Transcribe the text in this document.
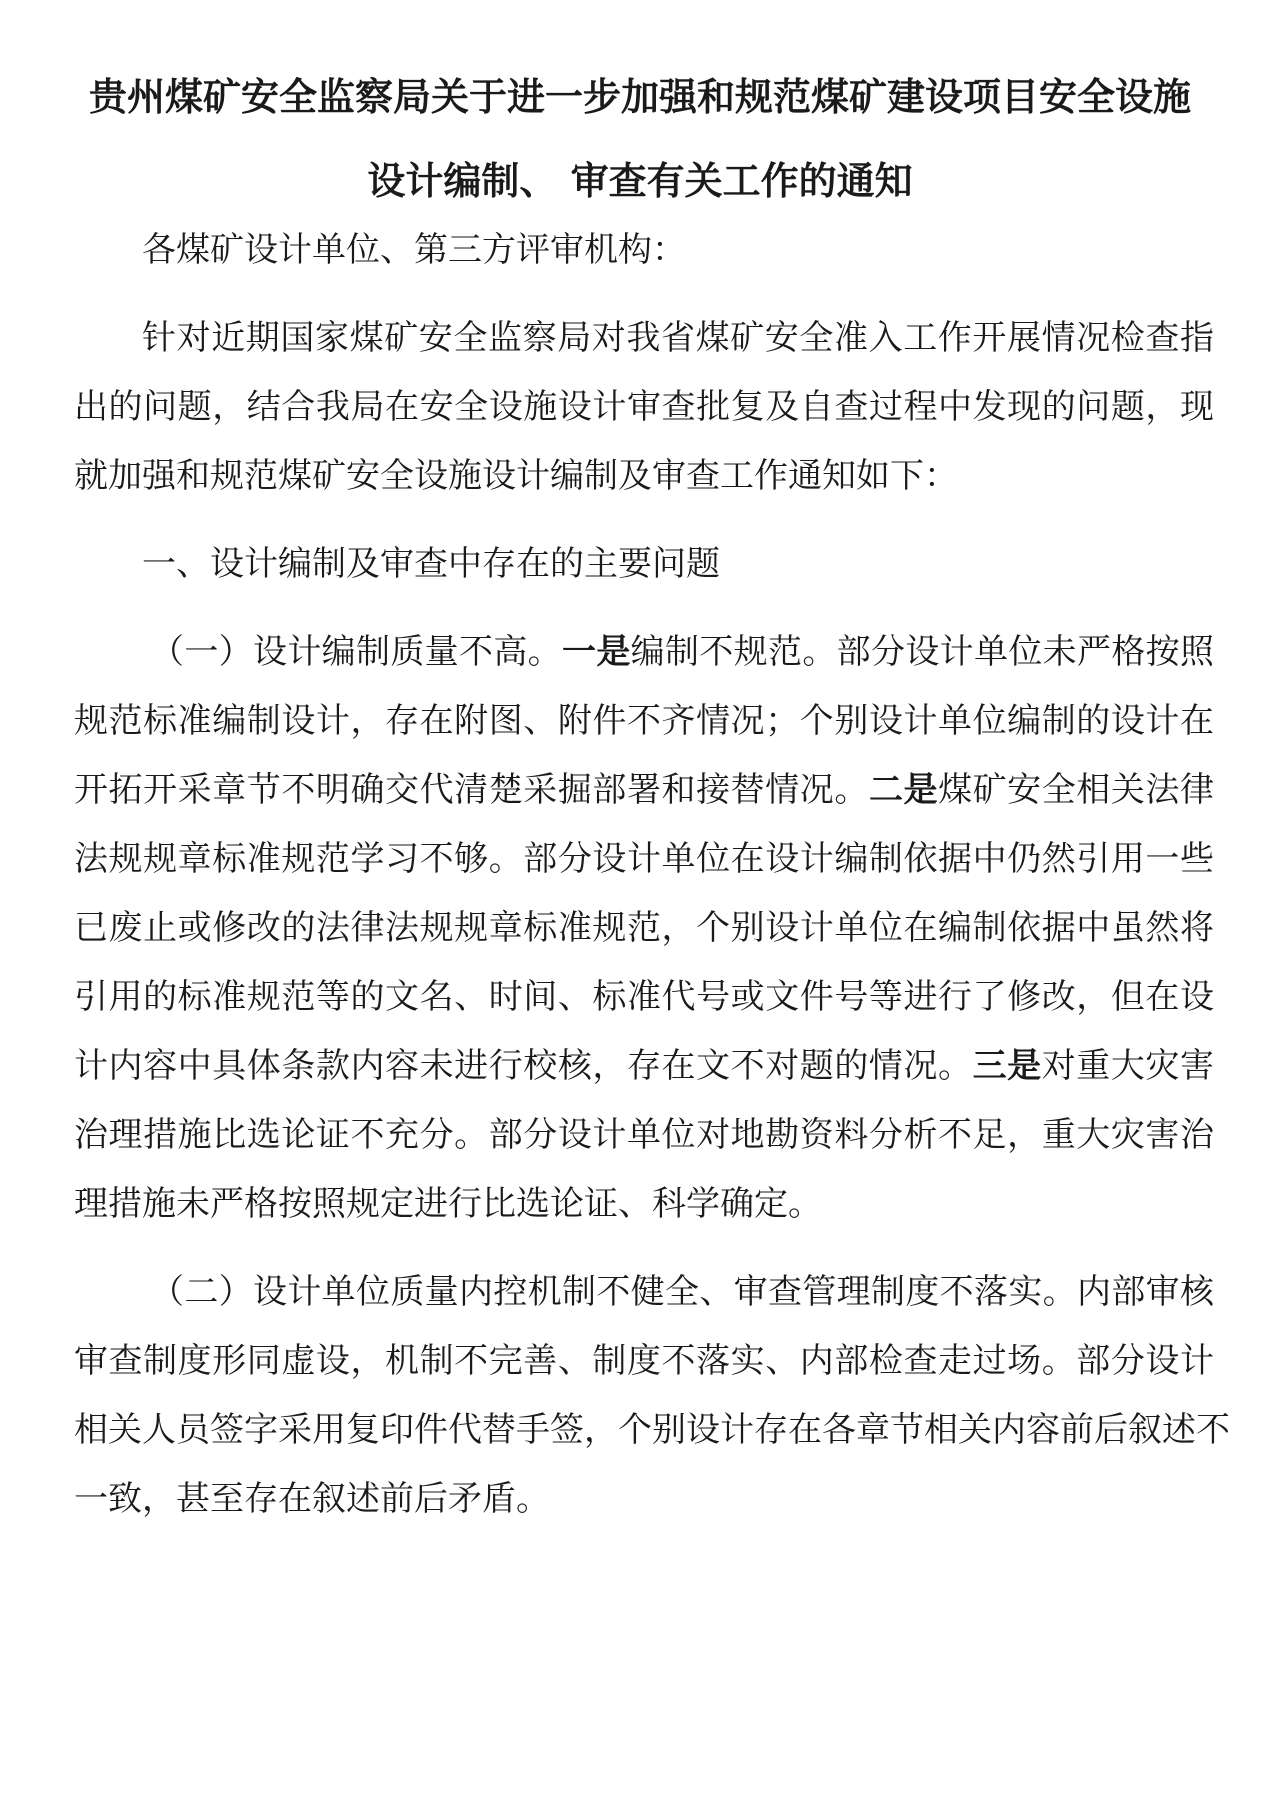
贵州煤矿安全监察局关于进一步加强和规范煤矿建设项目安全设施
设计编制、 审查有关工作的通知
各煤矿设计单位、第三方评审机构：
针对近期国家煤矿安全监察局对我省煤矿安全准入工作开展情况检查指
出的问题，结合我局在安全设施设计审查批复及自查过程中发现的问题，现
就加强和规范煤矿安全设施设计编制及审查工作通知如下：
一、设计编制及审查中存在的主要问题
（一）设计编制质量不高。一是编制不规范。部分设计单位未严格按照
规范标准编制设计，存在附图、附件不齐情况；个别设计单位编制的设计在
开拓开采章节不明确交代清楚采掘部署和接替情况。二是煤矿安全相关法律
法规规章标准规范学习不够。部分设计单位在设计编制依据中仍然引用一些
已废止或修改的法律法规规章标准规范，个别设计单位在编制依据中虽然将
引用的标准规范等的文名、时间、标准代号或文件号等进行了修改，但在设
计内容中具体条款内容未进行校核，存在文不对题的情况。三是对重大灾害
治理措施比选论证不充分。部分设计单位对地勘资料分析不足，重大灾害治
理措施未严格按照规定进行比选论证、科学确定。
（二）设计单位质量内控机制不健全、审查管理制度不落实。内部审核
审查制度形同虚设，机制不完善、制度不落实、内部检查走过场。部分设计
相关人员签字采用复印件代替手签，个别设计存在各章节相关内容前后叙述不
一致，甚至存在叙述前后矛盾。
